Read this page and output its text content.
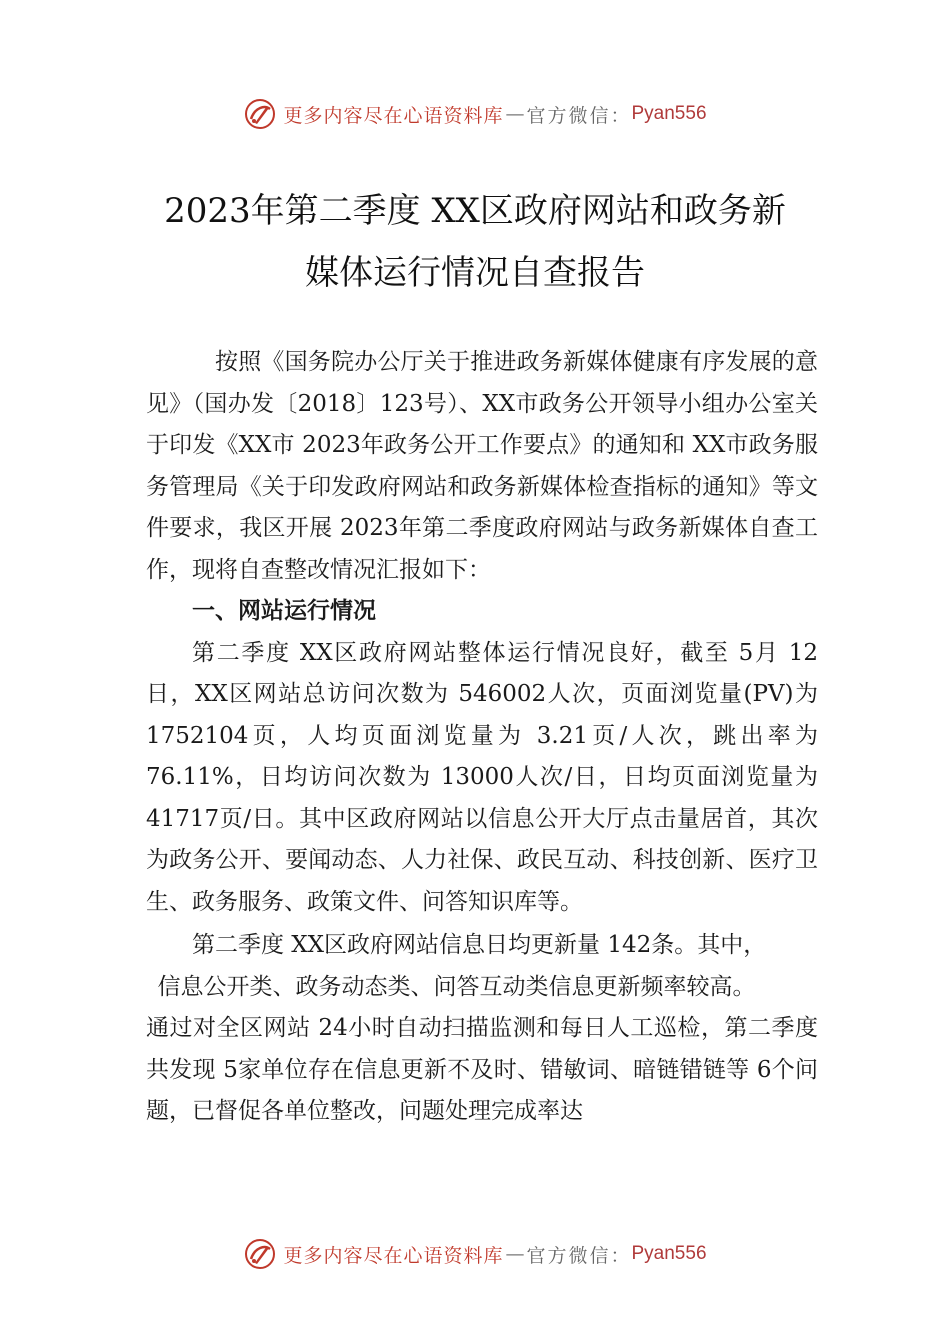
更多内容尽在心语资料库 — 官方微信： Pyan556
2023年第二季度 XX区政府网站和政务新
媒体运行情况自查报告

按照《国务院办公厅关于推进政务新媒体健康有序发展的意见》（国办发〔2018〕123号）、XX市政务公开领导小组办公室关于印发《XX市 2023年政务公开工作要点》的通知和 XX市政务服务管理局《关于印发政府网站和政务新媒体检查指标的通知》等文件要求，我区开展 2023年第二季度政府网站与政务新媒体自查工作，现将自查整改情况汇报如下：

一、网站运行情况

第二季度 XX区政府网站整体运行情况良好，截至 5月 12日，XX区网站总访问次数为 546002人次，页面浏览量(PV)为 1752104页，人均页面浏览量为 3.21页/人次，跳出率为 76.11%，日均访问次数为 13000人次/日，日均页面浏览量为 41717页/日。其中区政府网站以信息公开大厅点击量居首，其次为政务公开、要闻动态、人力社保、政民互动、科技创新、医疗卫生、政务服务、政策文件、问答知识库等。

第二季度 XX区政府网站信息日均更新量 142条。其中，

信息公开类、政务动态类、问答互动类信息更新频率较高。

通过对全区网站 24小时自动扫描监测和每日人工巡检，第二季度共发现 5家单位存在信息更新不及时、错敏词、暗链错链等 6个问题，已督促各单位整改，问题处理完成率达

更多内容尽在心语资料库 — 官方微信： Pyan556
